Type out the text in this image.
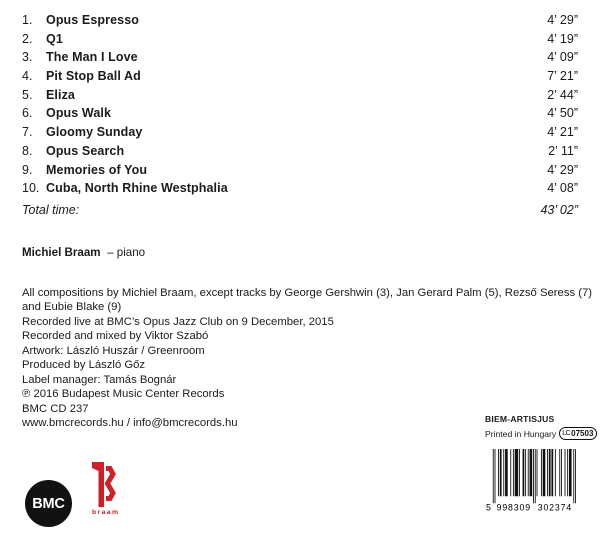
1.	Opus Espresso	4’ 29”
2.	Q1	4’ 19”
3.	The Man I Love	4’ 09”
4.	Pit Stop Ball Ad	7’ 21”
5.	Eliza	2’ 44”
6.	Opus Walk	4’ 50”
7.	Gloomy Sunday	4’ 21”
8.	Opus Search	2’ 11”
9.	Memories of You	4’ 29”
10. Cuba, North Rhine Westphalia	4’ 08”
Total time:	43’ 02”
Michiel Braam – piano

All compositions by Michiel Braam, except tracks by George Gershwin (3), Jan Gerard Palm (5), Rezső Seress (7)

and Eubie Blake (9)

Recorded live at BMC’s Opus Jazz Club on 9 December, 2015

Recorded and mixed by Viktor Szabó

Artwork: László Huszár / Greenroom

Produced by László Gőz

Label manager: Tamás Bognár

℗ 2016 Budapest Music Center Records

BMC CD 237

www.bmcrecords.hu / info@bmcrecords.hu	BIEM-ARTISJUS
Printed in Hungary LC 07503
5 998309 302374
BMC
braam
